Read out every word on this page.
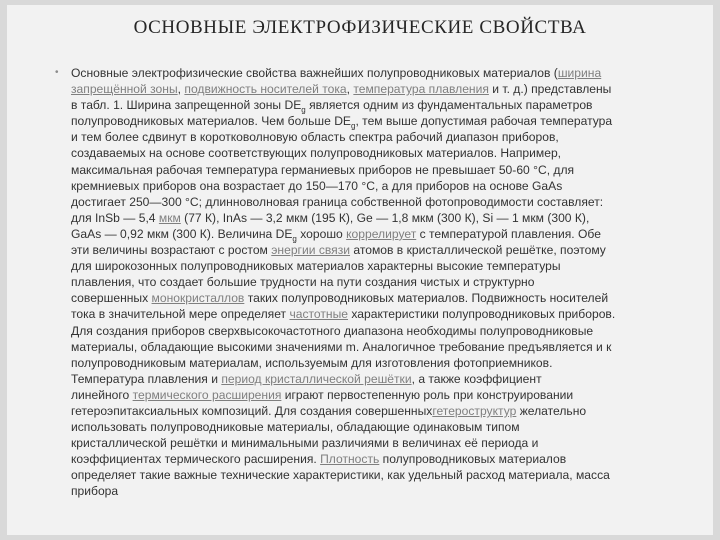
ОСНОВНЫЕ ЭЛЕКТРОФИЗИЧЕСКИЕ СВОЙСТВА
• Основные электрофизические свойства важнейших полупроводниковых материалов (ширина
запрещённой зоны, подвижность носителей тока, температура плавления и т. д.) представлены
в табл. 1. Ширина запрещенной зоны $DE_g$ является одним из фундаментальных параметров
полупроводниковых материалов. Чем больше $DE_g$, тем выше допустимая рабочая температура
и тем более сдвинут в коротковолновую область спектра рабочий диапазон приборов,
создаваемых на основе соответствующих полупроводниковых материалов. Например,
максимальная рабочая температура германиевых приборов не превышает 50-60 °С, для
кремниевых приборов она возрастает до 150—170 °С, а для приборов на основе GaAs
достигает 250—300 °С; длинноволновая граница собственной фотопроводимости составляет:
для InSb — 5,4 мкм (77 К), InAs — 3,2 мкм (195 К), Ge — 1,8 мкм (300 К), Si — 1 мкм (300 К),
GaAs — 0,92 мкм (300 К). Величина $DE_g$ хорошо коррелирует с температурой плавления. Обе
эти величины возрастают с ростом энергии связи атомов в кристаллической решётке, поэтому
для широкозонных полупроводниковых материалов характерны высокие температуры
плавления, что создает большие трудности на пути создания чистых и структурно
совершенных монокристаллов таких полупроводниковых материалов. Подвижность носителей
тока в значительной мере определяет частотные характеристики полупроводниковых приборов.
Для создания приборов сверхвысокочастотного диапазона необходимы полупроводниковые
материалы, обладающие высокими значениями m. Аналогичное требование предъявляется и к
полупроводниковым материалам, используемым для изготовления фотоприемников.
Температура плавления и период кристаллической решётки, а также коэффициент
линейного термического расширения играют первостепенную роль при конструировании
гетероэпитаксиальных композиций. Для создания совершенныхгетероструктур желательно
использовать полупроводниковые материалы, обладающие одинаковым типом
кристаллической решётки и минимальными различиями в величинах её периода и
коэффициентах термического расширения. Плотность полупроводниковых материалов
определяет такие важные технические характеристики, как удельный расход материала, масса
прибора
